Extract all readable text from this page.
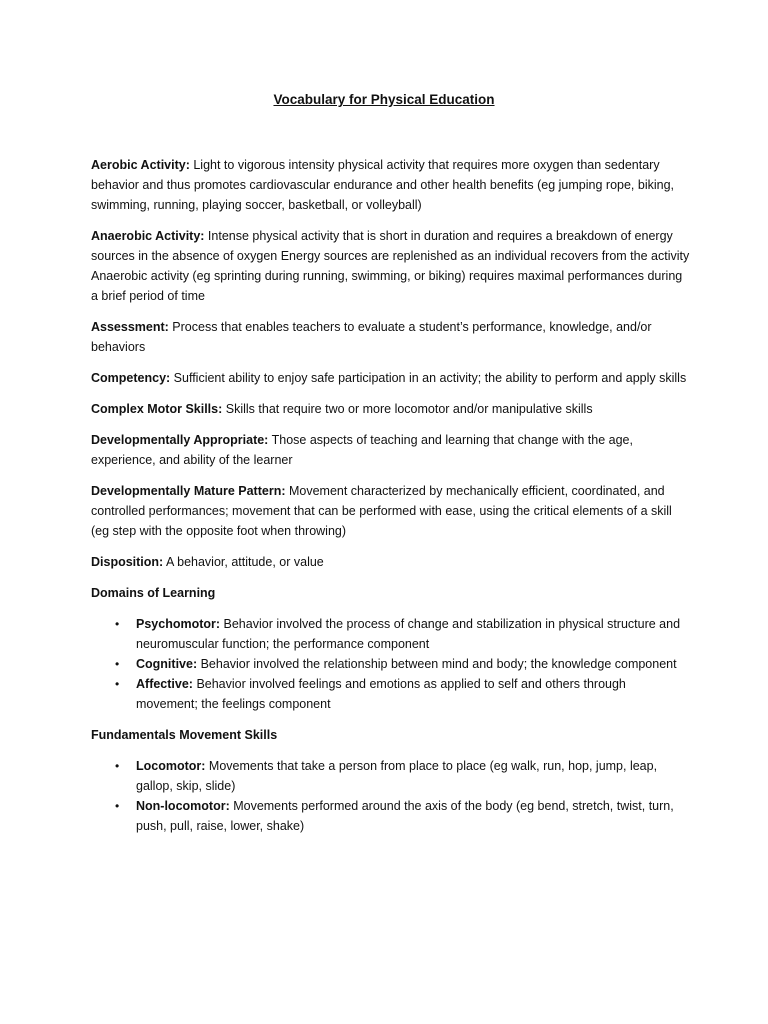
Vocabulary for Physical Education

Aerobic Activity: Light to vigorous intensity physical activity that requires more oxygen than sedentary behavior and thus promotes cardiovascular endurance and other health benefits (eg jumping rope, biking, swimming, running, playing soccer, basketball, or volleyball)

Anaerobic Activity: Intense physical activity that is short in duration and requires a breakdown of energy sources in the absence of oxygen Energy sources are replenished as an individual recovers from the activity Anaerobic activity (eg sprinting during running, swimming, or biking) requires maximal performances during a brief period of time

Assessment: Process that enables teachers to evaluate a student’s performance, knowledge, and/or behaviors

Competency: Sufficient ability to enjoy safe participation in an activity; the ability to perform and apply skills

Complex Motor Skills: Skills that require two or more locomotor and/or manipulative skills

Developmentally Appropriate: Those aspects of teaching and learning that change with the age, experience, and ability of the learner

Developmentally Mature Pattern: Movement characterized by mechanically efficient, coordinated, and controlled performances; movement that can be performed with ease, using the critical elements of a skill (eg step with the opposite foot when throwing)

Disposition: A behavior, attitude, or value

Domains of Learning

• Psychomotor: Behavior involved the process of change and stabilization in physical structure and neuromuscular function; the performance component
• Cognitive: Behavior involved the relationship between mind and body; the knowledge component
• Affective: Behavior involved feelings and emotions as applied to self and others through movement; the feelings component

Fundamentals Movement Skills

• Locomotor: Movements that take a person from place to place (eg walk, run, hop, jump, leap, gallop, skip, slide)
• Non-locomotor: Movements performed around the axis of the body (eg bend, stretch, twist, turn, push, pull, raise, lower, shake)
